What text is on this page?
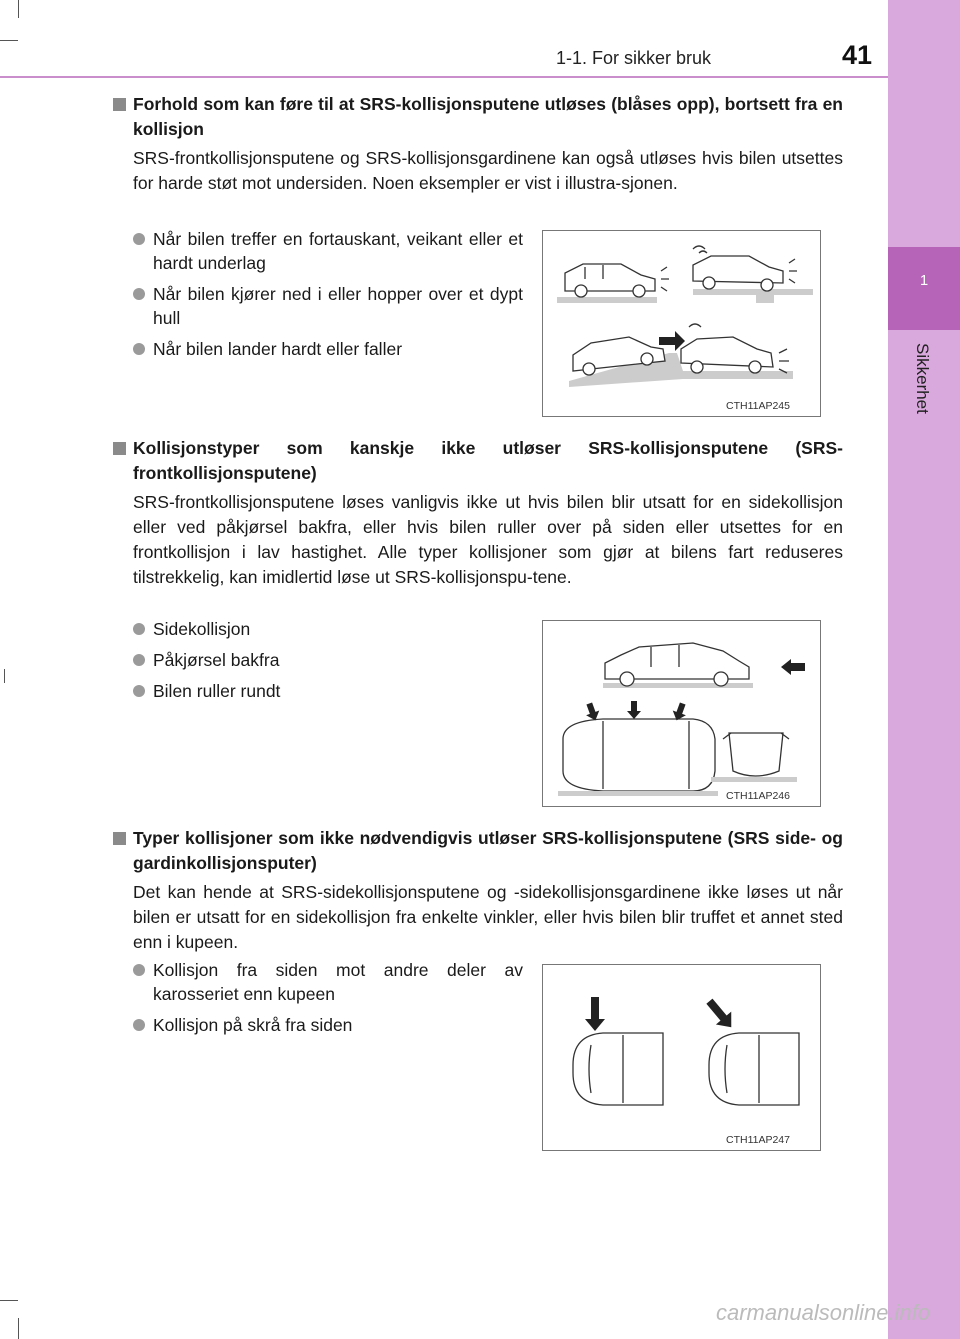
1
Sikkerhet
1-1. For sikker bruk	41
Forhold som kan føre til at SRS-kollisjonsputene utløses (blåses opp), bortsett fra en kollisjon
SRS-frontkollisjonsputene og SRS-kollisjonsgardinene kan også utløses hvis bilen utsettes for harde støt mot undersiden. Noen eksempler er vist i illustra-sjonen.
Når bilen treffer en fortauskant, veikant eller et hardt underlag
Når bilen kjører ned i eller hopper over et dypt hull
Når bilen lander hardt eller faller
CTH11AP245
Kollisjonstyper som kanskje ikke utløser SRS-kollisjonsputene (SRS-frontkollisjonsputene)
SRS-frontkollisjonsputene løses vanligvis ikke ut hvis bilen blir utsatt for en sidekollisjon eller ved påkjørsel bakfra, eller hvis bilen ruller over på siden eller utsettes for en frontkollisjon i lav hastighet. Alle typer kollisjoner som gjør at bilens fart reduseres tilstrekkelig, kan imidlertid løse ut SRS-kollisjonspu-tene.
Sidekollisjon
Påkjørsel bakfra
Bilen ruller rundt
CTH11AP246
Typer kollisjoner som ikke nødvendigvis utløser SRS-kollisjonsputene (SRS side- og gardinkollisjonsputer)
Det kan hende at SRS-sidekollisjonsputene og -sidekollisjonsgardinene ikke løses ut når bilen er utsatt for en sidekollisjon fra enkelte vinkler, eller hvis bilen blir truffet et annet sted enn i kupeen.
Kollisjon fra siden mot andre deler av karosseriet enn kupeen
Kollisjon på skrå fra siden
CTH11AP247
carmanualsonline.info
